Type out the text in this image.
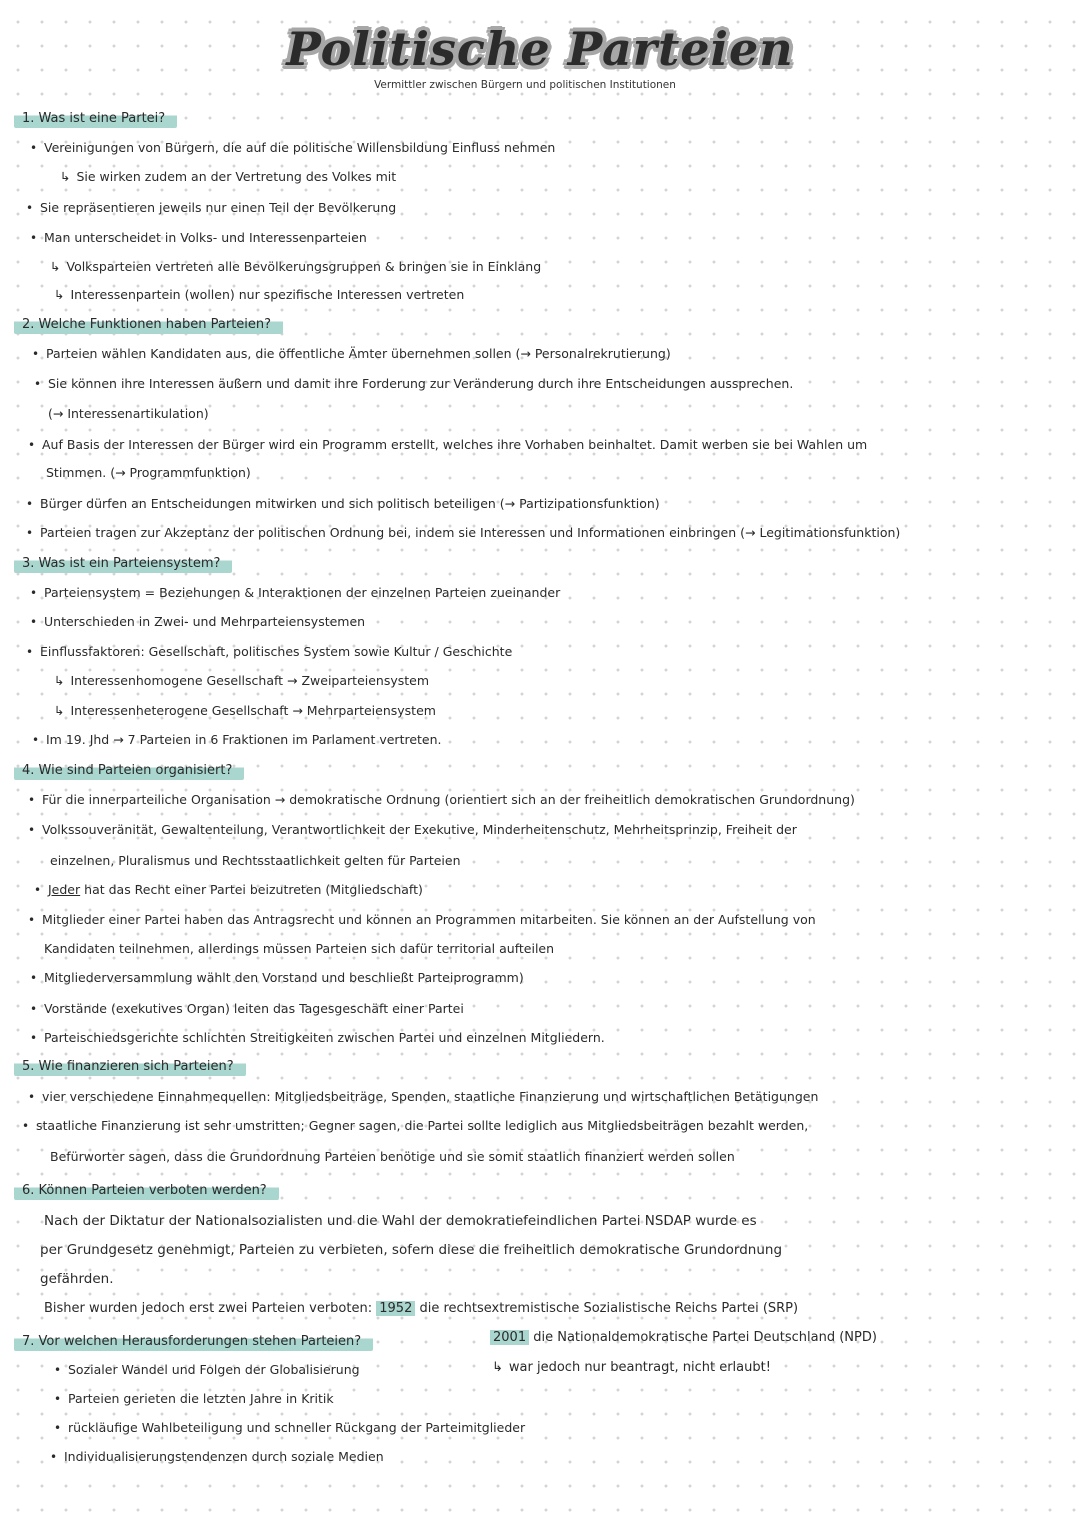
Politische Parteien
Vermittler zwischen Bürgern und politischen Institutionen
1. Was ist eine Partei?
• Vereinigungen von Bürgern, die auf die politische Willensbildung Einfluss nehmen
↳ Sie wirken zudem an der Vertretung des Volkes mit
• Sie repräsentieren jeweils nur einen Teil der Bevölkerung
• Man unterscheidet in Volks- und Interessenparteien
↳ Volksparteien vertreten alle Bevölkerungsgruppen & bringen sie in Einklang
↳ Interessenpartein (wollen) nur spezifische Interessen vertreten
2. Welche Funktionen haben Parteien?
• Parteien wählen Kandidaten aus, die öffentliche Ämter übernehmen sollen (→ Personalrekrutierung)
• Sie können ihre Interessen äußern und damit ihre Forderung zur Veränderung durch ihre Entscheidungen aussprechen.
(→ Interessenartikulation)
• Auf Basis der Interessen der Bürger wird ein Programm erstellt, welches ihre Vorhaben beinhaltet. Damit werben sie bei Wahlen um
Stimmen. (→ Programmfunktion)
• Bürger dürfen an Entscheidungen mitwirken und sich politisch beteiligen (→ Partizipationsfunktion)
• Parteien tragen zur Akzeptanz der politischen Ordnung bei, indem sie Interessen und Informationen einbringen (→ Legitimationsfunktion)
3. Was ist ein Parteiensystem?
• Parteiensystem = Beziehungen & Interaktionen der einzelnen Parteien zueinander
• Unterschieden in Zwei- und Mehrparteiensystemen
• Einflussfaktoren: Gesellschaft, politisches System sowie Kultur / Geschichte
↳ Interessenhomogene Gesellschaft → Zweiparteiensystem
↳ Interessenheterogene Gesellschaft → Mehrparteiensystem
• Im 19. Jhd → 7 Parteien in 6 Fraktionen im Parlament vertreten.
4. Wie sind Parteien organisiert?
• Für die innerparteiliche Organisation → demokratische Ordnung (orientiert sich an der freiheitlich demokratischen Grundordnung)
• Volkssouveränität, Gewaltenteilung, Verantwortlichkeit der Exekutive, Minderheitenschutz, Mehrheitsprinzip, Freiheit der
einzelnen, Pluralismus und Rechtsstaatlichkeit gelten für Parteien
• Jeder hat das Recht einer Partei beizutreten (Mitgliedschaft)
• Mitglieder einer Partei haben das Antragsrecht und können an Programmen mitarbeiten. Sie können an der Aufstellung von
Kandidaten teilnehmen, allerdings müssen Parteien sich dafür territorial aufteilen
• Mitgliederversammlung wählt den Vorstand und beschließt Parteiprogramm)
• Vorstände (exekutives Organ) leiten das Tagesgeschäft einer Partei
• Parteischiedsgerichte schlichten Streitigkeiten zwischen Partei und einzelnen Mitgliedern.
5. Wie finanzieren sich Parteien?
• vier verschiedene Einnahmequellen: Mitgliedsbeiträge, Spenden, staatliche Finanzierung und wirtschaftlichen Betätigungen
• staatliche Finanzierung ist sehr umstritten; Gegner sagen, die Partei sollte lediglich aus Mitgliedsbeiträgen bezahlt werden,
Befürworter sagen, dass die Grundordnung Parteien benötige und sie somit staatlich finanziert werden sollen
6. Können Parteien verboten werden?
Nach der Diktatur der Nationalsozialisten und die Wahl der demokratiefeindlichen Partei NSDAP wurde es
per Grundgesetz genehmigt, Parteien zu verbieten, sofern diese die freiheitlich demokratische Grundordnung
gefährden.
Bisher wurden jedoch erst zwei Parteien verboten: 1952 die rechtsextremistische Sozialistische Reichs Partei (SRP)
2001 die Nationaldemokratische Partei Deutschland (NPD)
↳ war jedoch nur beantragt, nicht erlaubt!
7. Vor welchen Herausforderungen stehen Parteien?
• Sozialer Wandel und Folgen der Globalisierung
• Parteien gerieten die letzten Jahre in Kritik
• rückläufige Wahlbeteiligung und schneller Rückgang der Parteimitglieder
• Individualisierungstendenzen durch soziale Medien
